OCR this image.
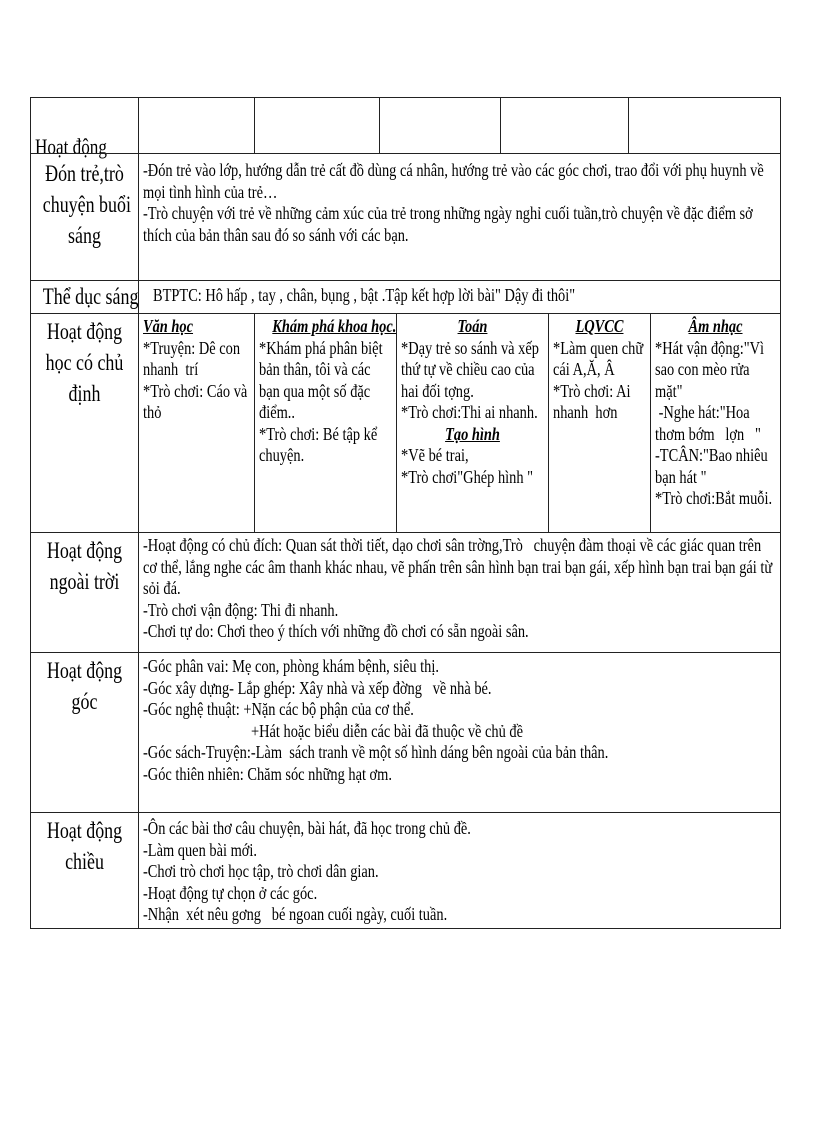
Hoạt động
Đón trẻ,trò
chuyện buổi
sáng
-Đón trẻ vào lớp, hướng dẫn trẻ cất đồ dùng cá nhân, hướng trẻ vào các góc chơi, trao đổi với phụ huynh về
mọi tình hình của trẻ…
-Trò chuyện với trẻ về những cảm xúc của trẻ trong những ngày nghỉ cuối tuần,trò chuyện về đặc điểm sở
thích của bản thân sau đó so sánh với các bạn.
Thể dục sáng BTPTC: Hô hấp , tay , chân, bụng , bật .Tập kết hợp lời bài" Dậy đi thôi"
Hoạt động
học có chủ
định
Văn học
*Truyện: Dê con
nhanh  trí
*Trò chơi: Cáo và
thỏ
Khám phá khoa học.
*Khám phá phân biệt
bản thân, tôi và các
bạn qua một số đặc
điểm..
*Trò chơi: Bé tập kể
chuyện.
Toán
*Dạy trẻ so sánh và xếp
thứ tự về chiều cao của
hai đối tợng.
*Trò chơi:Thi ai nhanh.
Tạo hình
*Vẽ bé trai,
*Trò chơi"Ghép hình "
LQVCC
*Làm quen chữ
cái A,Ă, Â
*Trò chơi: Ai
nhanh  hơn
Âm nhạc
*Hát vận động:"Vì
sao con mèo rửa
mặt"
-Nghe hát:"Hoa
thơm bớm   lợn   "
-TCÂN:"Bao nhiêu
bạn hát "
*Trò chơi:Bắt muỗi.
Hoạt động
ngoài trời
-Hoạt động có chủ đích: Quan sát thời tiết, dạo chơi sân trờng,Trò   chuyện đàm thoại về các giác quan trên
cơ thể, lắng nghe các âm thanh khác nhau, vẽ phấn trên sân hình bạn trai bạn gái, xếp hình bạn trai bạn gái từ
sỏi đá.
-Trò chơi vận động: Thi đi nhanh.
-Chơi tự do: Chơi theo ý thích với những đồ chơi có sẵn ngoài sân.
Hoạt động
góc
-Góc phân vai: Mẹ con, phòng khám bệnh, siêu thị.
-Góc xây dựng- Lắp ghép: Xây nhà và xếp đờng   về nhà bé.
-Góc nghệ thuật: +Nặn các bộ phận của cơ thể.
+Hát hoặc biểu diễn các bài đã thuộc về chủ đề
-Góc sách-Truyện:-Làm  sách tranh về một số hình dáng bên ngoài của bản thân.
-Góc thiên nhiên: Chăm sóc những hạt ơm.
Hoạt động
chiều
-Ôn các bài thơ câu chuyện, bài hát, đã học trong chủ đề.
-Làm quen bài mới.
-Chơi trò chơi học tập, trò chơi dân gian.
-Hoạt động tự chọn ở các góc.
-Nhận  xét nêu gơng   bé ngoan cuối ngày, cuối tuần.
